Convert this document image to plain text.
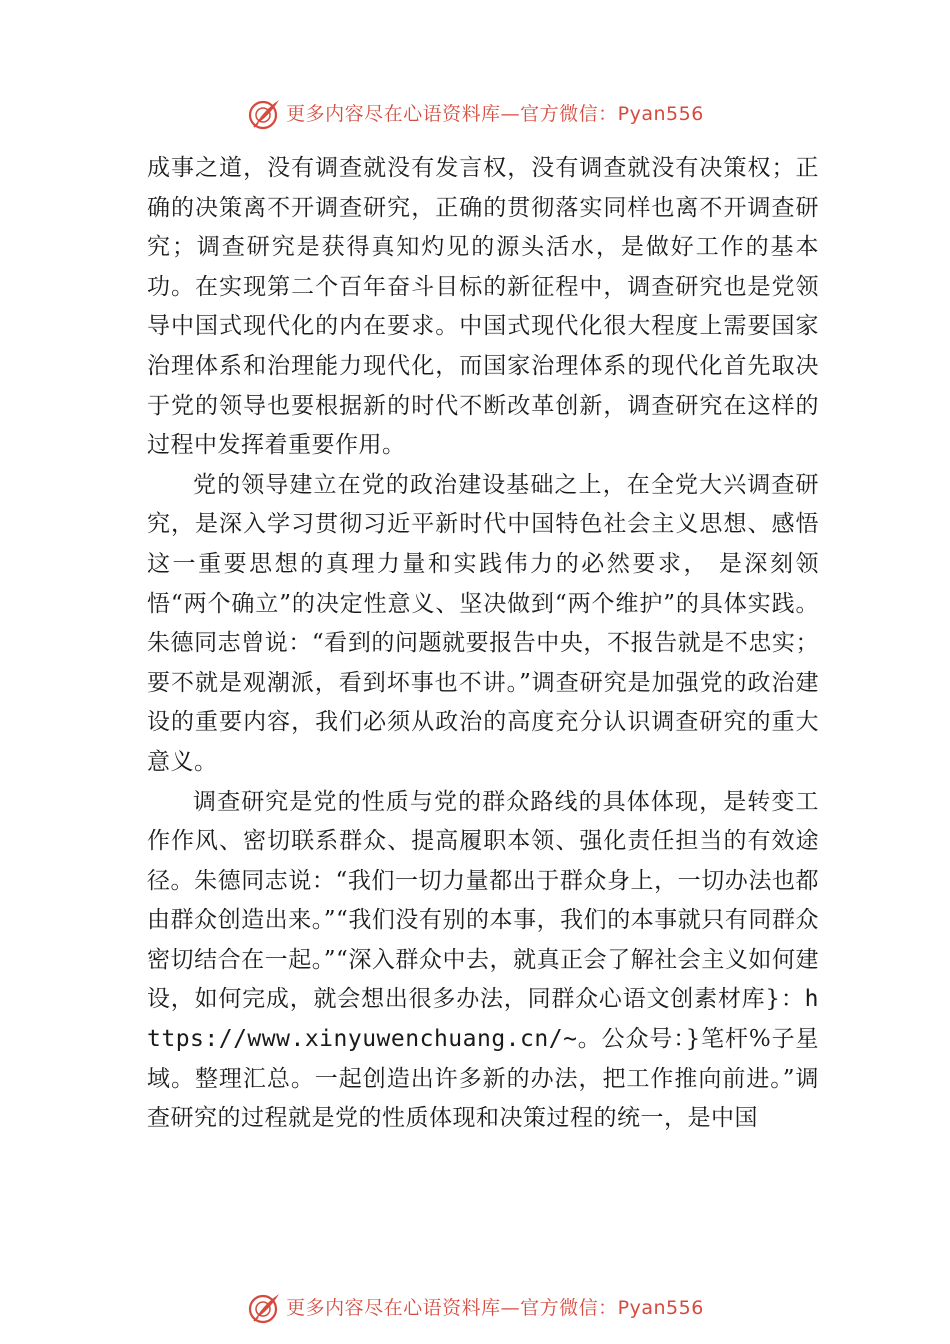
更多内容尽在心语资料库—官方微信：Pyan556

成事之道，没有调查就没有发言权，没有调查就没有决策权；正确的决策离不开调查研究，正确的贯彻落实同样也离不开调查研究；调查研究是获得真知灼见的源头活水，是做好工作的基本功。在实现第二个百年奋斗目标的新征程中，调查研究也是党领导中国式现代化的内在要求。中国式现代化很大程度上需要国家治理体系和治理能力现代化，而国家治理体系的现代化首先取决于党的领导也要根据新的时代不断改革创新，调查研究在这样的过程中发挥着重要作用。

党的领导建立在党的政治建设基础之上，在全党大兴调查研究，是深入学习贯彻习近平新时代中国特色社会主义思想、感悟这一重要思想的真理力量和实践伟力的必然要求， 是深刻领悟“两个确立”的决定性意义、坚决做到“两个维护”的具体实践。朱德同志曾说：“看到的问题就要报告中央，不报告就是不忠实；要不就是观潮派，看到坏事也不讲。”调查研究是加强党的政治建设的重要内容，我们必须从政治的高度充分认识调查研究的重大意义。

调查研究是党的性质与党的群众路线的具体体现，是转变工作作风、密切联系群众、提高履职本领、强化责任担当的有效途径。朱德同志说：“我们一切力量都出于群众身上，一切办法也都由群众创造出来。”“我们没有别的本事，我们的本事就只有同群众密切结合在一起。”“深入群众中去，就真正会了解社会主义如何建设，如何完成，就会想出很多办法，同群众心语文创素材库}：https://www.xinyuwenchuang.cn/~。公众号：}笔杆%子星域。整理汇总。一起创造出许多新的办法，把工作推向前进。”调查研究的过程就是党的性质体现和决策过程的统一，是中国

更多内容尽在心语资料库—官方微信：Pyan556
